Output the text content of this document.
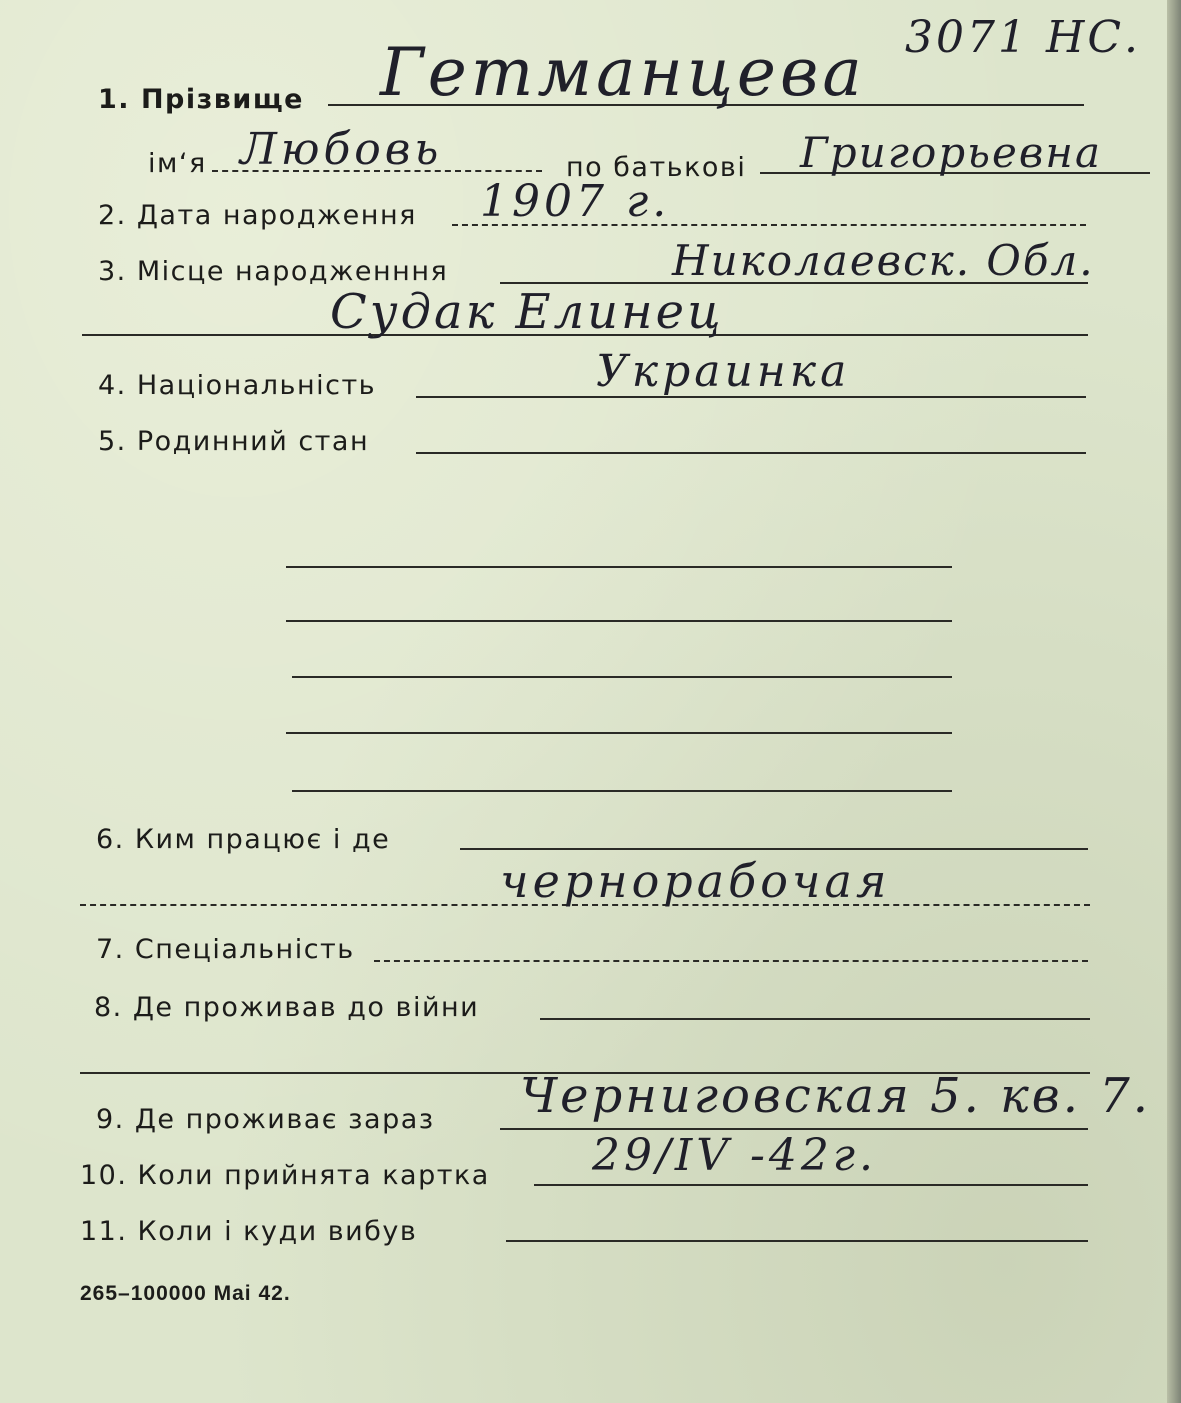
3071 НС.
1. Прізвище Гетманцева
ім‘я Любовь	по батькові Григорьевна
2. Дата народження 1907 г.
3. Місце народженння	Николаевск. Обл.
Судак Елинец
4. Національність	Украинка
5. Родинний стан
6. Ким працює і де
чернорабочая
7. Спеціальність
8. Де проживав до війни
9. Де проживає зараз Черниговская 5. кв. 7.
10. Коли прийнята картка 29/IV -42г.
11. Коли і куди вибув
265–100000 Mai 42.
